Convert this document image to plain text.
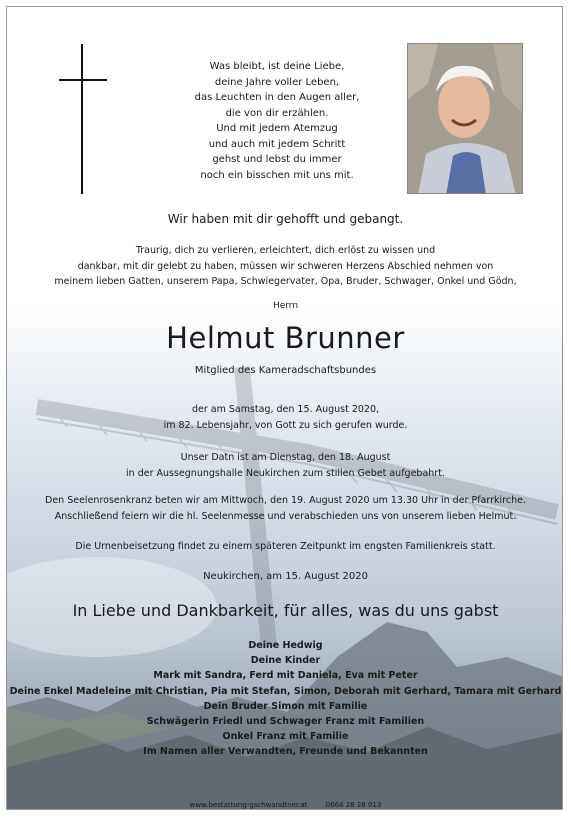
Was bleibt, ist deine Liebe,
deine Jahre voller Leben,
das Leuchten in den Augen aller,
die von dir erzählen.
Und mit jedem Atemzug
und auch mit jedem Schritt
gehst und lebst du immer
noch ein bisschen mit uns mit.
Wir haben mit dir gehofft und gebangt.
Traurig, dich zu verlieren, erleichtert, dich erlöst zu wissen und
dankbar, mit dir gelebt zu haben, müssen wir schweren Herzens Abschied nehmen von
meinem lieben Gatten, unserem Papa, Schwiegervater, Opa, Bruder, Schwager, Onkel und Gödn,
Herrn
Helmut Brunner
Mitglied des Kameradschaftsbundes
der am Samstag, den 15. August 2020,
im 82. Lebensjahr, von Gott zu sich gerufen wurde.
Unser Datn ist am Dienstag, den 18. August
in der Aussegnungshalle Neukirchen zum stillen Gebet aufgebahrt.
Den Seelenrosenkranz beten wir am Mittwoch, den 19. August 2020 um 13.30 Uhr in der Pfarrkirche.
Anschließend feiern wir die hl. Seelenmesse und verabschieden uns von unserem lieben Helmut.
Die Urnenbeisetzung findet zu einem späteren Zeitpunkt im engsten Familienkreis statt.
Neukirchen, am 15. August 2020
In Liebe und Dankbarkeit, für alles, was du uns gabst
Deine Hedwig
Deine Kinder
Mark mit Sandra, Ferd mit Daniela, Eva mit Peter
Deine Enkel Madeleine mit Christian, Pia mit Stefan, Simon, Deborah mit Gerhard, Tamara mit Gerhard
Dein Bruder Simon mit Familie
Schwägerin Friedl und Schwager Franz mit Familien
Onkel Franz mit Familie
Im Namen aller Verwandten, Freunde und Bekannten
www.bestattung-gschwandtner.at	0664 28 28 013
